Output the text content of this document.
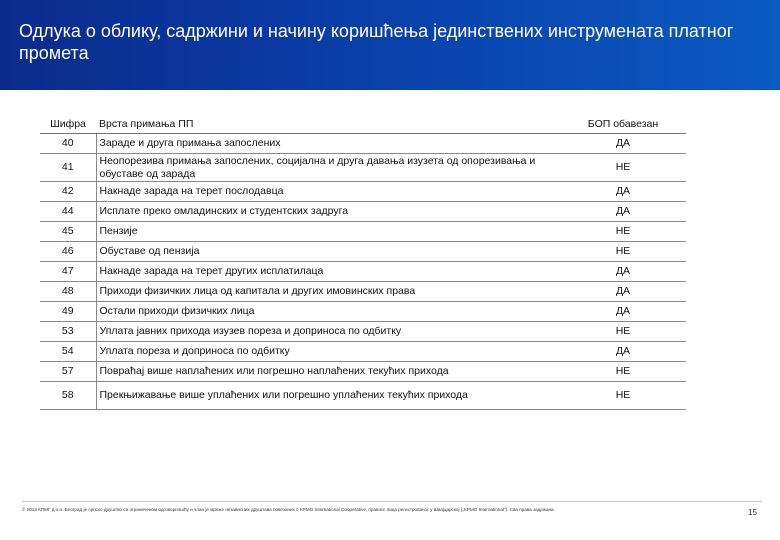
Одлука о облику, садржини и начину коришћења јединствених инструмената платног промета
Шифра	Врста примања ПП	БОП обавезан
40	Зараде и друга примања запослених	ДА
41	Неопорезива примања запослених, социјална и друга давања изузета од опорезивања и обуставе од зарада	НЕ
42	Накнаде зарада на терет послодавца	ДА
44	Исплате преко омладинских и студентских задруга	ДА
45	Пензије	НЕ
46	Обуставе од пензија	НЕ
47	Накнаде зарада на терет других исплатилаца	ДА
48	Приходи физичких лица од капитала и других имовинских права	ДА
49	Остали приходи физичких лица	ДА
53	Уплата јавних прихода изузев пореза и доприноса по одбитку	НЕ
54	Уплата пореза и доприноса по одбитку	ДА
57	Повраћај више наплаћених или погрешно наплаћених текућих прихода	НЕ
58	Прекњижавање више уплаћених или погрешно уплаћених текућих прихода	НЕ
© 2013 КПМГ д.о.о. Београд је српско друштво са ограниченом одговорношћу и члан је мреже независних друштава повезаних с KPMG International Cooperative, правног лица регистрованог у Швајцарској („KPMG International"). Сва права задржана.	15
